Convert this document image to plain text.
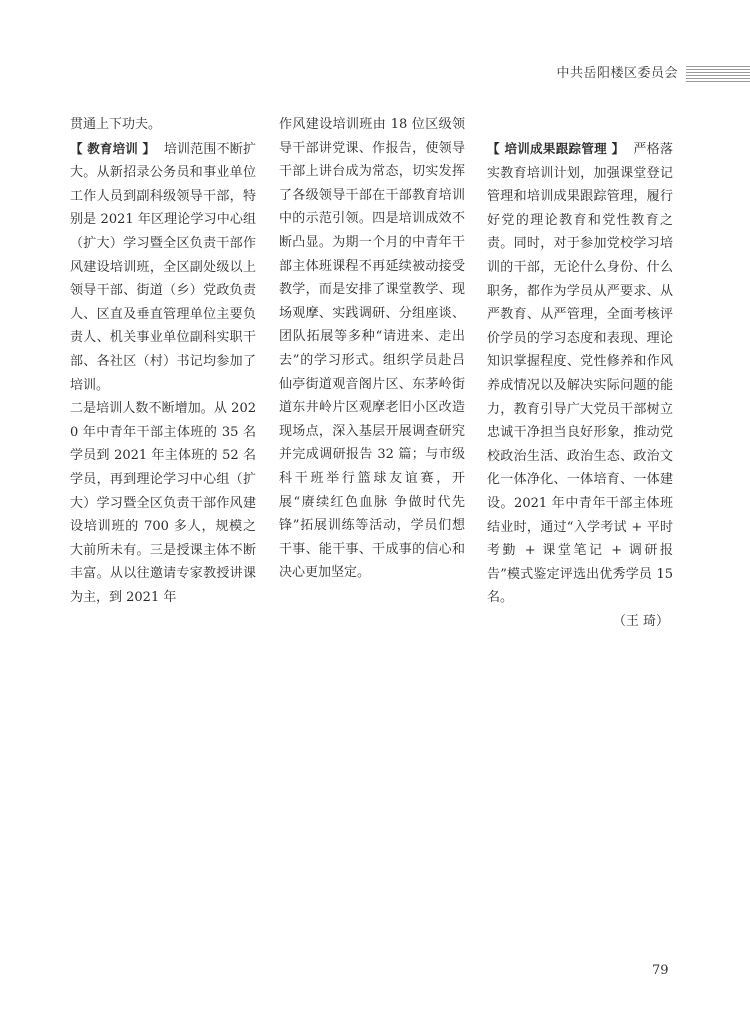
中共岳阳楼区委员会

贯通上下功夫。

【 教育培训 】 培训范围不断扩大。从新招录公务员和事业单位工作人员到副科级领导干部，特别是 2021 年区理论学习中心组（扩大）学习暨全区负责干部作风建设培训班，全区副处级以上领导干部、街道（乡）党政负责人、区直及垂直管理单位主要负责人、机关事业单位副科实职干部、各社区（村）书记均参加了培训。

二是培训人数不断增加。从 2020 年中青年干部主体班的 35 名学员到 2021 年主体班的 52 名学员，再到理论学习中心组（扩大）学习暨全区负责干部作风建设培训班的 700 多人，规模之大前所未有。三是授课主体不断丰富。从以往邀请专家教授讲课为主，到 2021 年

作风建设培训班由 18 位区级领导干部讲党课、作报告，使领导干部上讲台成为常态，切实发挥了各级领导干部在干部教育培训中的示范引领。四是培训成效不断凸显。为期一个月的中青年干部主体班课程不再延续被动接受教学，而是安排了课堂教学、现场观摩、实践调研、分组座谈、团队拓展等多种“请进来、走出去”的学习形式。组织学员赴吕仙亭街道观音阁片区、东茅岭街道东井岭片区观摩老旧小区改造现场点，深入基层开展调查研究并完成调研报告 32 篇；与市级科干班举行篮球友谊赛，开展“赓续红色血脉 争做时代先锋”拓展训练等活动，学员们想干事、能干事、干成事的信心和决心更加坚定。

【 培训成果跟踪管理 】 严格落实教育培训计划，加强课堂登记管理和培训成果跟踪管理，履行好党的理论教育和党性教育之责。同时，对于参加党校学习培训的干部，无论什么身份、什么职务，都作为学员从严要求、从严教育、从严管理，全面考核评价学员的学习态度和表现、理论知识掌握程度、党性修养和作风养成情况以及解决实际问题的能力，教育引导广大党员干部树立忠诚干净担当良好形象，推动党校政治生活、政治生态、政治文化一体净化、一体培育、一体建设。2021 年中青年干部主体班结业时，通过“入学考试 + 平时考勤 + 课堂笔记 + 调研报告”模式鉴定评选出优秀学员 15 名。

（王 琦）

79
